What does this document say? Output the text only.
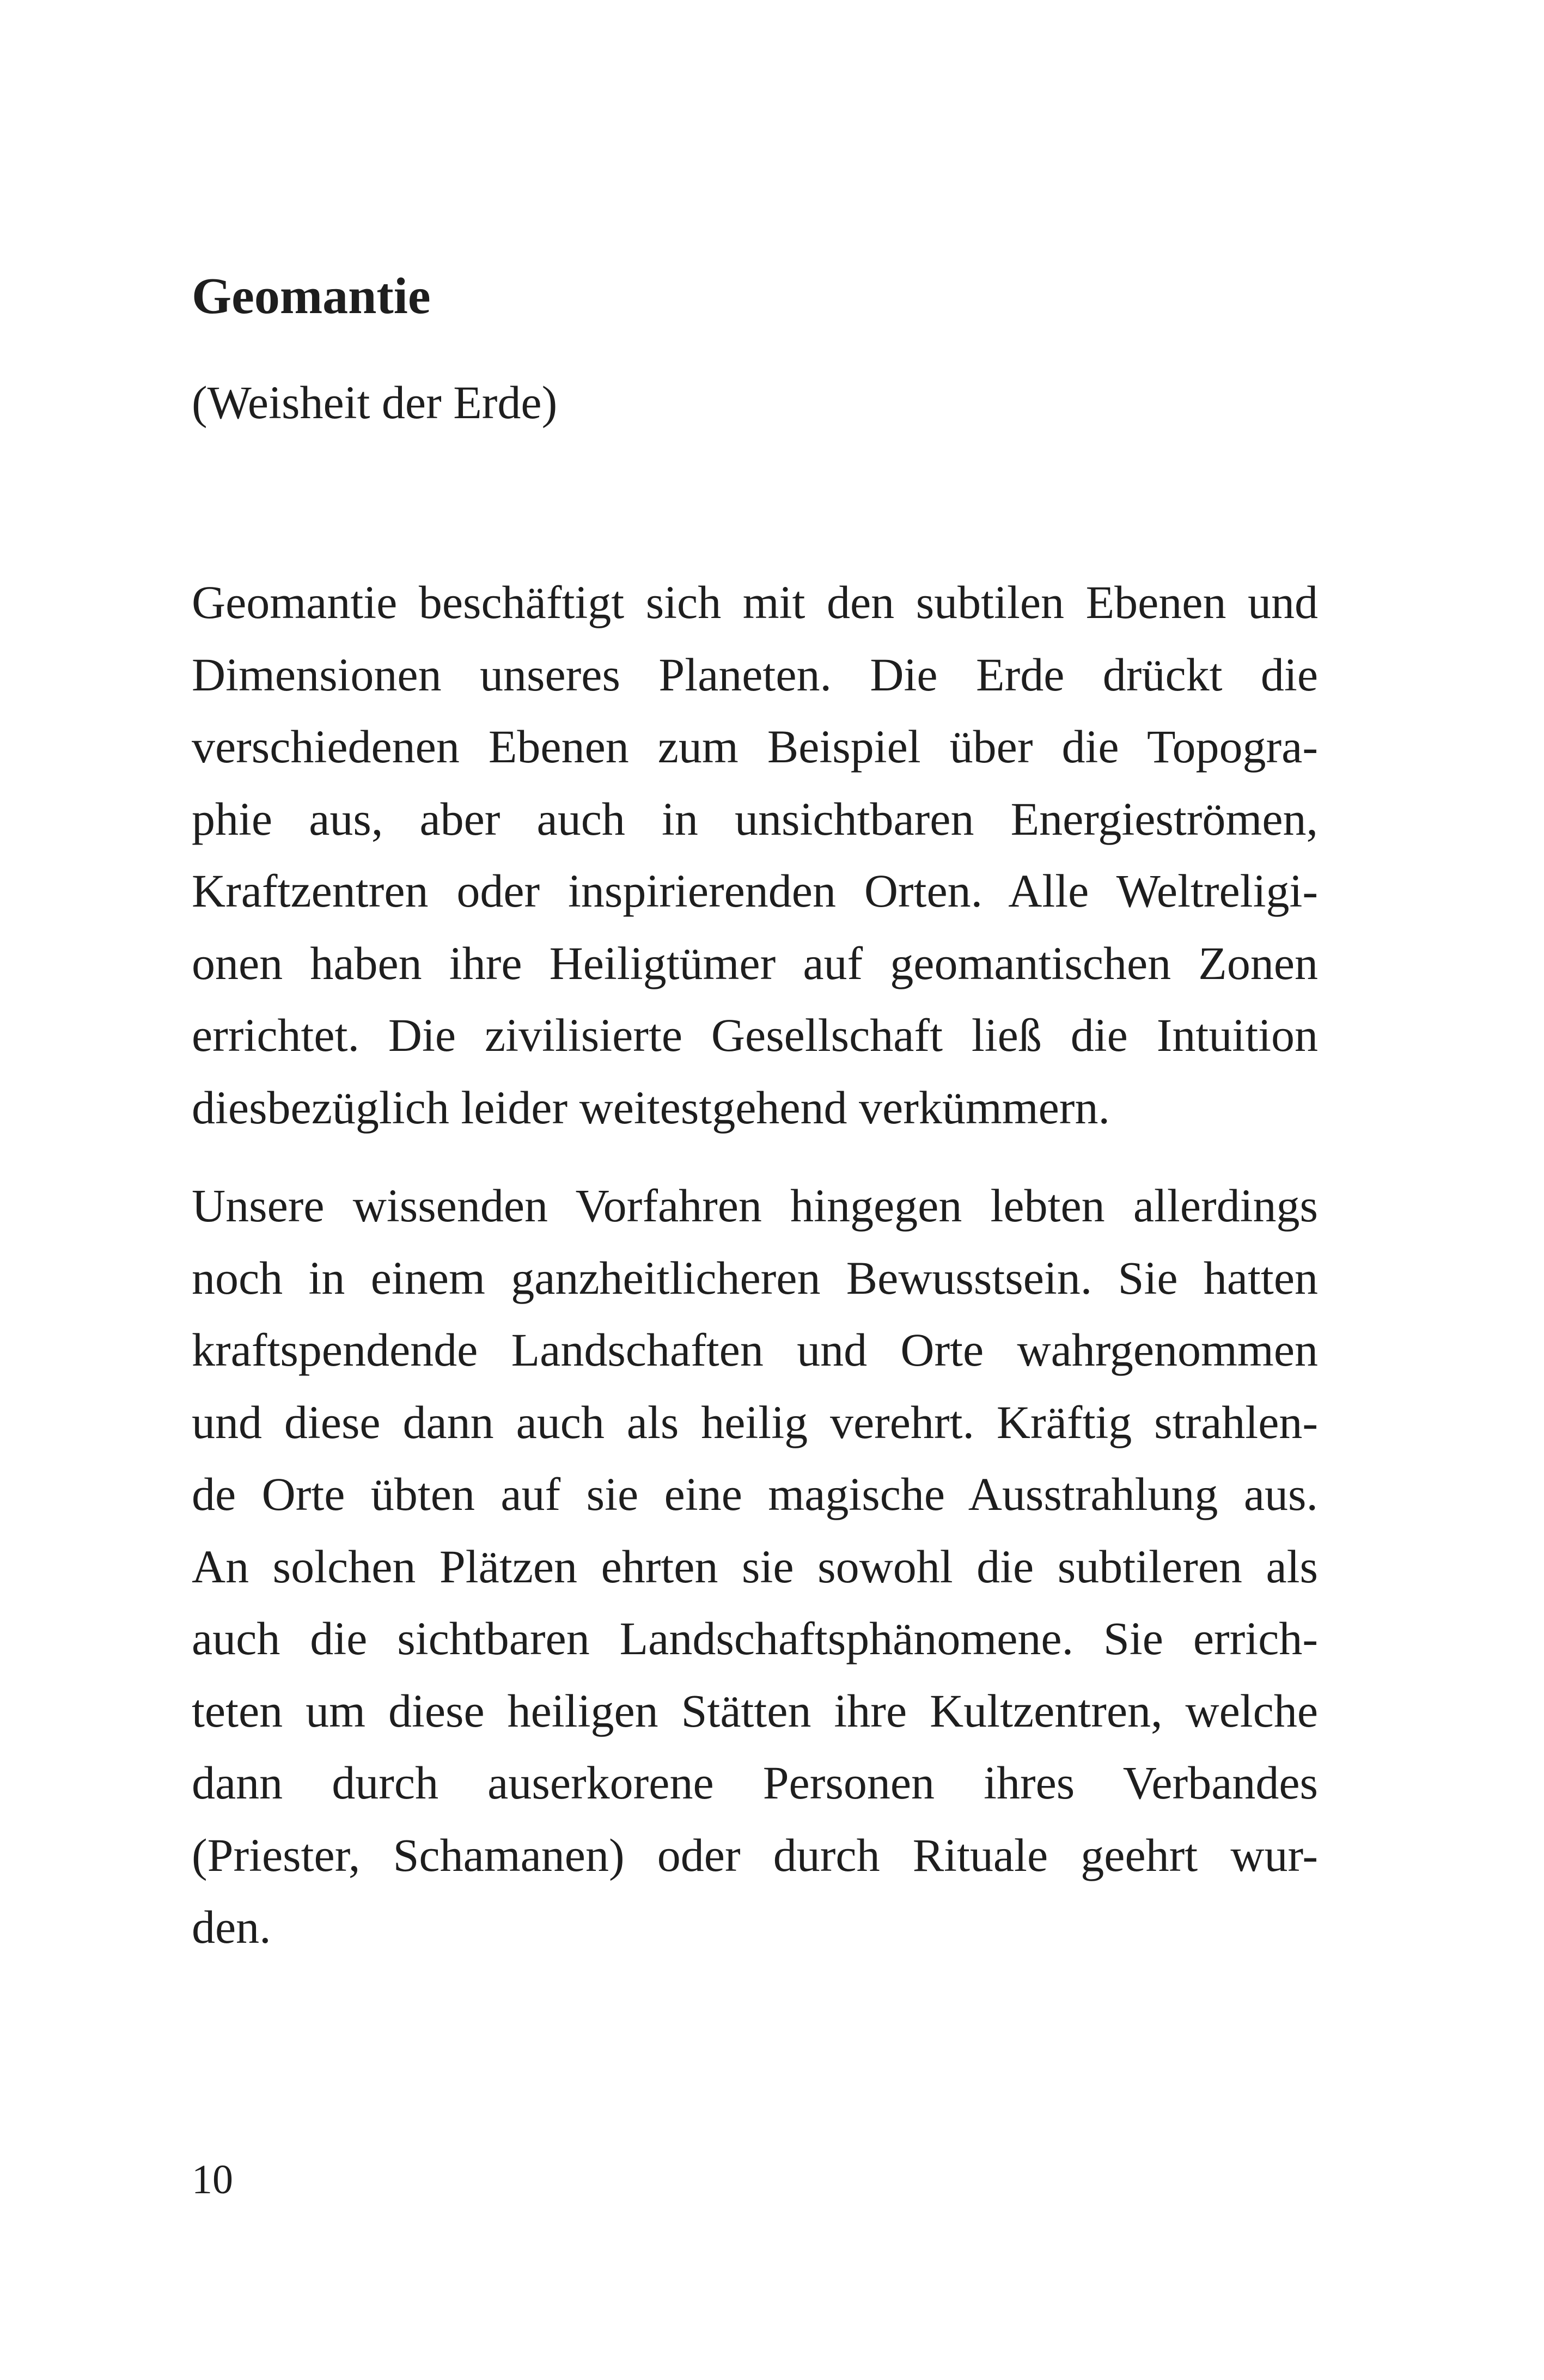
Geomantie

(Weisheit der Erde)

Geomantie beschäftigt sich mit den subtilen Ebenen und
Dimensionen unseres Planeten. Die Erde drückt die
verschiedenen Ebenen zum Beispiel über die Topogra-
phie aus, aber auch in unsichtbaren Energieströmen,
Kraftzentren oder inspirierenden Orten. Alle Weltreligi-
onen haben ihre Heiligtümer auf geomantischen Zonen
errichtet. Die zivilisierte Gesellschaft ließ die Intuition
diesbezüglich leider weitestgehend verkümmern.
Unsere wissenden Vorfahren hingegen lebten allerdings
noch in einem ganzheitlicheren Bewusstsein. Sie hatten
kraftspendende Landschaften und Orte wahrgenommen
und diese dann auch als heilig verehrt. Kräftig strahlen-
de Orte übten auf sie eine magische Ausstrahlung aus.
An solchen Plätzen ehrten sie sowohl die subtileren als
auch die sichtbaren Landschaftsphänomene. Sie errich-
teten um diese heiligen Stätten ihre Kultzentren, welche
dann durch auserkorene Personen ihres Verbandes
(Priester, Schamanen) oder durch Rituale geehrt wur-
den.

10
